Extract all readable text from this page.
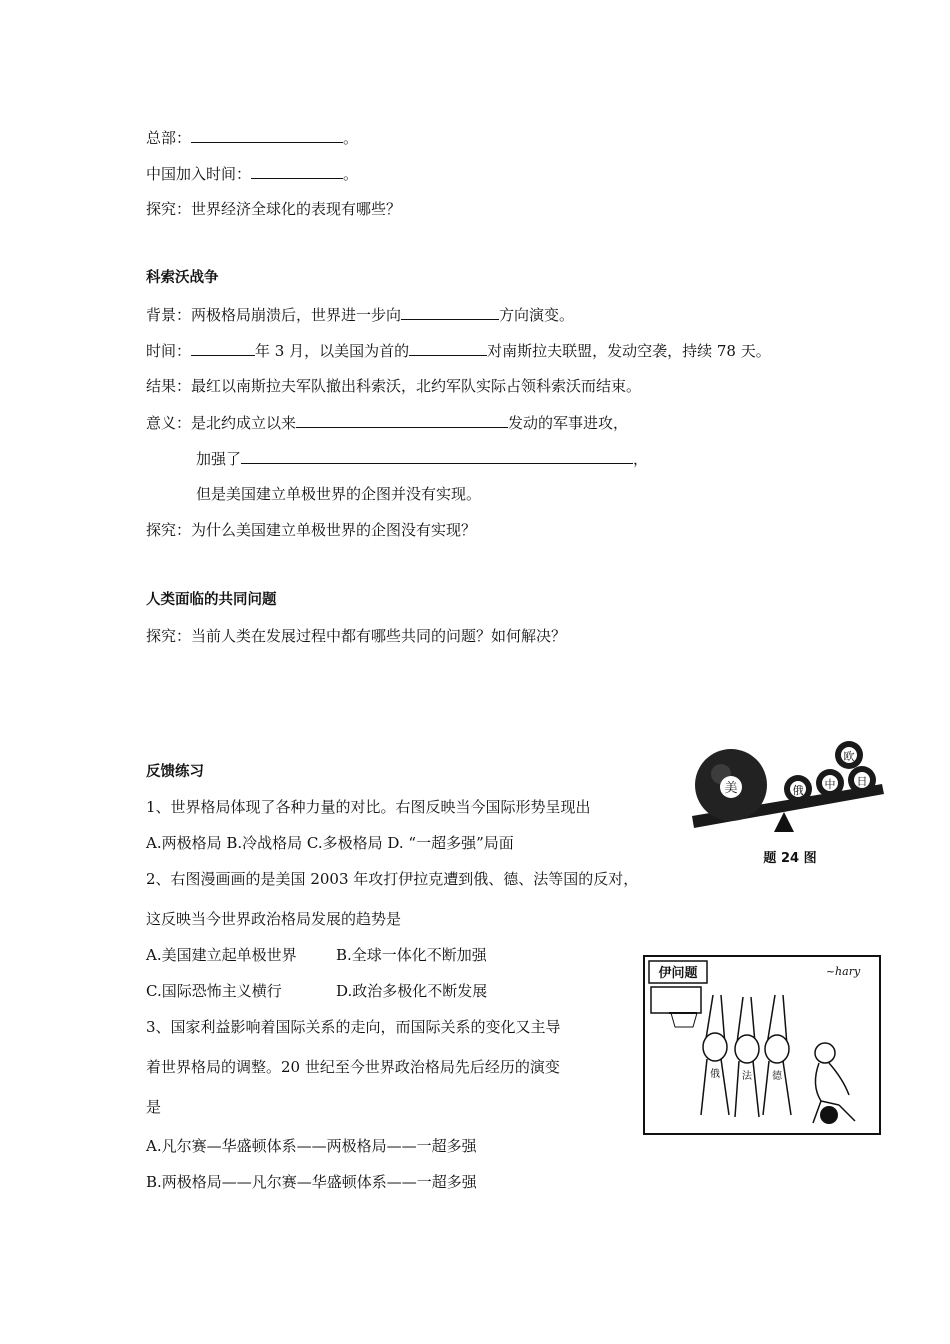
总部：	。
中国加入时间：	。
探究：世界经济全球化的表现有哪些？
科索沃战争
背景：两极格局崩溃后，世界进一步向	方向演变。
时间：	年 3 月，以美国为首的	对南斯拉夫联盟，发动空袭，持续 78 天。
结果：最红以南斯拉夫军队撤出科索沃，北约军队实际占领科索沃而结束。
意义：是北约成立以来	发动的军事进攻，
加强了	，
但是美国建立单极世界的企图并没有实现。
探究：为什么美国建立单极世界的企图没有实现？
人类面临的共同问题
探究：当前人类在发展过程中都有哪些共同的问题？如何解决？
反馈练习
1、世界格局体现了各种力量的对比。右图反映当今国际形势呈现出
A.两极格局 B.冷战格局 C.多极格局 D. “一超多强”局面
2、右图漫画画的是美国 2003 年攻打伊拉克遭到俄、德、法等国的反对，
这反映当今世界政治格局发展的趋势是
A.美国建立起单极世界	B.全球一体化不断加强
C.国际恐怖主义横行	D.政治多极化不断发展
3、国家利益影响着国际关系的走向，而国际关系的变化又主导
着世界格局的调整。20 世纪至今世界政治格局先后经历的演变
是
A.凡尔赛—华盛顿体系——两极格局——一超多强
B.两极格局——凡尔赛—华盛顿体系——一超多强
美	俄 中
欧
日
题 24 图
伊问题	~hary
俄 法 德
